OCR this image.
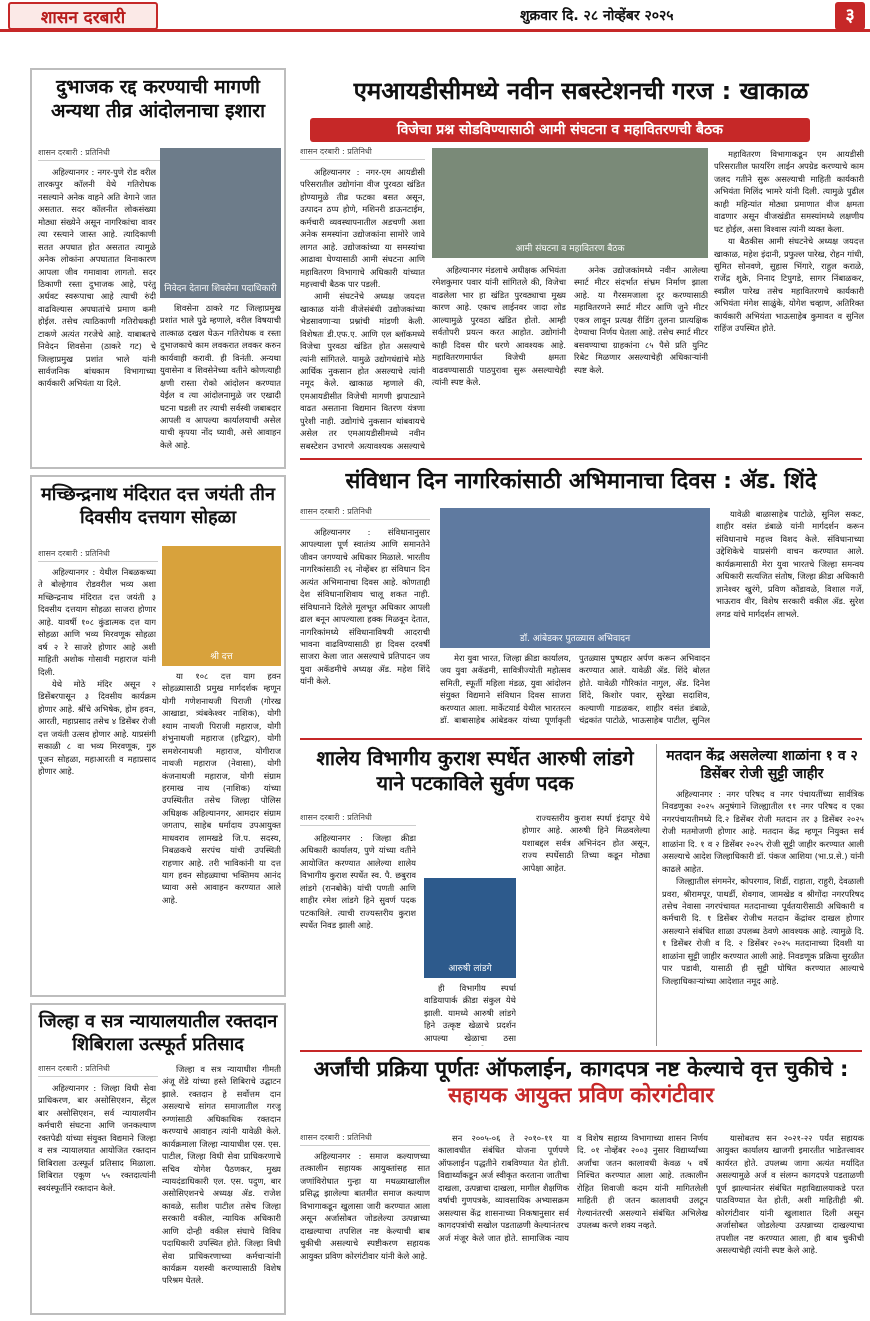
शासन दरबारी	शुक्रवार दि. २८ नोव्हेंबर २०२५	३
दुभाजक रद्द करण्याची मागणी अन्यथा तीव्र आंदोलनाचा इशारा
शासन दरबारी : प्रतिनिधी

अहिल्यानगर : नगर-पुणे रोड वरील तारकपुर कॉलनी येथे गतिरोधक नसल्याने अनेक वाहने अति वेगाने जात असतात. सदर कॉलनीत लोकसंख्या मोठ्या संख्येने असून नागरिकांचा वावर त्या रस्त्याने जास्त आहे. त्यादिकाणी सतत अपघात होत असतात त्यामुळे अनेक लोकांना अपघातात विनाकारण आपला जीव गमावावा लागतो. सदर ठिकाणी रस्ता दुभाजक आहे, परंतु अर्धवट स्वरूपाचा आहे त्याची रुंदी वाढविल्यास अपघातांचे प्रमाण कमी होईल. तसेच त्याठिकाणी गतिरोधकही टाकणे अत्यंत गरजेचे आहे. याबाबतचे निवेदन शिवसेना (ठाकरे गट) चे जिल्हाप्रमुख प्रशांत भाले यांनी सार्वजनिक बांधकाम विभागाच्या कार्यकारी अभियंता या दिले.

निवेदन देताना शिवसेना पदाधिकारी

शिवसेना ठाकरे गट जिल्हाप्रमुख प्रशांत भाले पुढे म्हणाले, वरील विषयाची तात्काळ दखल घेऊन गतिरोधक व रस्ता दुभाजकाचे काम लवकरात लवकर करुन कार्यवाही करावी. ही विनंती. अन्यथा युवासेना व शिवसेनेच्या वतीने कोणत्याही क्षणी रास्ता रोको आंदोलन करण्यात येईल व त्या आंदोलनामुळे जर एखादी घटना घडली तर त्याची सर्वस्वी जबाबदार आपली व आपल्या कार्यालयाची असेल याची कृपया नोंद घ्यावी, असे आवाहन केले आहे.

मच्छिन्द्रनाथ मंदिरात दत्त जयंती तीन दिवसीय दत्तयाग सोहळा
शासन दरबारी : प्रतिनिधी

अहिल्यानगर : येथील निबळकच्या ते बोल्हेगाव रोडवरील भव्य अशा मच्छिन्द्रनाथ मंदिरात दत्त जयंती ३ दिवसीय दत्तयाग सोहळा साजरा होणार आहे. यावर्षी १०८ कुंडात्मक दत्त याग सोहळा आणि भव्य मिरवणूक सोहळा वर्ष २ रे साजरे होणार आहे अशी माहिती अशोक गोसावी महाराज यांनी दिली.

येथे मोठे मंदिर असून २ डिसेंबरपासून ३ दिवसीय कार्यक्रम होणार आहे. श्रींचे अभिषेक, होम हवन, आरती, महाप्रसाद तसेच ४ डिसेंबर रोजी दत्त जयंती उत्सव होणार आहे. याप्रसंगी सकाळी ८ वा भव्य मिरवणूक, गुरु पूजन सोहळा, महाआरती व महाप्रसाद होणार आहे.

श्री दत्त

या १०८ दत्त याग हवन सोहळ्यासाठी प्रमुख मार्गदर्शक म्हणून योगी गणेशनाथजी पिराजी (गोरख आखाडा, त्र्यंबकेश्वर नाशिक), योगी श्याम नाथजी पिराजी महाराज, योगी शंभुनाथजी महाराज (हरिद्वार), योगी समशेरनाथजी महाराज, योगीराज नाथजी महाराज (नेवासा), योगी कंजनाथजी महाराज, योगी संग्राम हरमाख नाथ (नाशिक) यांच्या उपस्थितीत तसेच जिल्हा पोलिस अधिक्षक अहिल्यानगर, आमदार संग्राम जगताप, साहेब धर्मादाय उपआयुक्त माधवराव लामखडे जि.प. सदस्य, निबळकचे सरपंच यांची उपस्थिती राहणार आहे. तरी भाविकांनी या दत्त याग हवन सोहळ्याचा भक्तिमय आनंद घ्यावा असे आवाहन करण्यात आले आहे.

जिल्हा व सत्र न्यायालयातील रक्तदान शिबिराला उत्स्फूर्त प्रतिसाद
शासन दरबारी : प्रतिनिधी

अहिल्यानगर : जिल्हा विधी सेवा प्राधिकरण, बार असोसिएशन, सेंट्रल बार असोसिएशन, सर्व न्यायालयीन कर्मचारी संघटना आणि जनकल्याण रक्तपेढी यांच्या संयुक्त विद्यमाने जिल्हा व सत्र न्यायालयात आयोजित रक्तदान शिबिराला उत्स्फूर्त प्रतिसाद मिळाला. शिबिरात एकूण ५५ रक्तदात्यांनी स्वयंस्फूर्तीने रक्तदान केले.

जिल्हा व सत्र न्यायाधीश गीमती अंजू शेंडे यांच्या हस्ते शिबिराचे उद्घाटन झाले. रक्तदान हे सर्वोत्तम दान असल्याचे सांगत समाजातील गरजू रुग्णांसाठी अधिकाधिक रक्तदान करण्याचे आवाहन त्यांनी यावेळी केले. कार्यक्रमाला जिल्हा न्यायाधीश एस. एस. पाटील, जिल्हा विधी सेवा प्राधिकरणाचे सचिव योगेश पैठणकर, मुख्य न्यायदंडाधिकारी एल. एस. पदुण, बार असोसिएशनचे अध्यक्ष ॲड. राजेश कावळे, सतीश पाटील तसेच जिल्हा सरकारी वकील, न्यायिक अधिकारी आणि दोन्ही वकील संघाचे विविध पदाधिकारी उपस्थित होते. जिल्हा विधी सेवा प्राधिकरणाच्या कर्मचाऱ्यांनी कार्यक्रम यशस्वी करण्यासाठी विशेष परिश्रम घेतले.

एमआयडीसीमध्ये नवीन सबस्टेशनची गरज : खाकाळ
विजेचा प्रश्न सोडविण्यासाठी आमी संघटना व महावितरणची बैठक
शासन दरबारी : प्रतिनिधी

अहिल्यानगर : नगर-एम आयडीसी परिसरातील उद्योगांना वीज पुरवठा खंडित होण्यामुळे तीव्र फटका बसत असून, उत्पादन ठप्प होणे, मशिनरी डाऊनटाईम, कर्मचारी व्यवस्थापनातील अडचणी अशा अनेक समस्यांना उद्योजकांना सामोरे जावे लागत आहे. उद्योजकांच्या या समस्यांचा आढावा घेण्यासाठी आमी संघटना आणि महावितरण विभागाचे अधिकारी यांच्यात महत्त्वाची बैठक पार पडली.

आमी संघटनेचे अध्यक्ष जयदत्त खाकाळ यांनी वीजेसंबंधी उद्योजकांच्या भेडसावणाऱ्या प्रश्नांची मांडणी केली. विशेषतः डी.एफ.ए. आणि एल ब्लॉकमध्ये विजेचा पुरवठा खंडित होत असल्याचे त्यांनी सांगितले. यामुळे उद्योगधंद्यांचे मोठे आर्थिक नुकसान होत असल्याचे त्यांनी नमूद केले. खाकाळ म्हणाले की, एमआयडीसीत विजेची मागणी झपाट्याने वाढत असताना विद्यमान वितरण यंत्रणा पुरेशी नाही. उद्योगांचे नुकसान थांबवायचे असेल तर एमआयडीसीमध्ये नवीन सबस्टेशन उभारणे अत्यावश्यक असल्याचे

आमी संघटना व महावितरण बैठक

अहिल्यानगर मंडलाचे अधीक्षक अभियंता रमेशकुमार पवार यांनी सांगितले की, विजेचा वाढलेला भार हा खंडित पुरवठ्याचा मुख्य कारण आहे. एकाच लाईनवर जादा लोड आल्यामुळे पुरवठा खंडित होतो. आम्ही सर्वतोपरी प्रयत्न करत आहोत. उद्योगांनी काही दिवस धीर धरणे आवश्यक आहे. महावितरणमार्फत विजेची क्षमता वाढवण्यासाठी पाठपुरावा सुरू असल्याचेही त्यांनी स्पष्ट केले.

अनेक उद्योजकांमध्ये नवीन आलेल्या स्मार्ट मीटर संदर्भात संभ्रम निर्माण झाला आहे. या गैरसमजाला दूर करण्यासाठी महावितरणने स्मार्ट मीटर आणि जुने मीटर एकत्र लावून प्रत्यक्ष रीडिंग तुलना प्रात्यक्षिक देण्याचा निर्णय घेतला आहे. तसेच स्मार्ट मीटर बसवण्याचा ग्राहकांना ८५ पैसे प्रति युनिट रिबेट मिळणार असल्याचेही अधिकाऱ्यांनी स्पष्ट केले.

महावितरण विभागाकडून एम आयडीसी परिसरातील फायरिंग लाईन अपग्रेड करण्याचे काम जलद गतीने सुरू असल्याची माहिती कार्यकारी अभियंता मिलिंद भामरे यांनी दिली. त्यामुळे पुढील काही महिन्यांत मोठ्या प्रमाणात वीज क्षमता वाढणार असून वीजखंडीत समस्यांमध्ये लक्षणीय घट होईल, असा विश्वास त्यांनी व्यक्त केला.

या बैठकीस आमी संघटनेचे अध्यक्ष जयदत्त खाकाळ, महेश इंदानी, प्रफुल्ल पारेख, रोहन गांधी, सुमित सोनवणे, सुहास भिंगारे, राहुल कराळे, राजेंद्र शुक्रे, निनाद टिपुगडे, सागर निंबाळकर, स्वप्नील पारेख तसेच महावितरणचे कार्यकारी अभियंता मंगेश साळुंके, योगेश चव्हाण, अतिरिक्त कार्यकारी अभियंता भाऊसाहेब कुमावत व सुनिल राहिंज उपस्थित होते.

संविधान दिन नागरिकांसाठी अभिमानाचा दिवस : ॲड. शिंदे
शासन दरबारी : प्रतिनिधी

अहिल्यानगर : संविधानानुसार आपल्याला पूर्ण स्वातंत्र्य आणि समानतेने जीवन जगण्याचे अधिकार मिळाले. भारतीय नागरिकांसाठी २६ नोव्हेंबर हा संविधान दिन अत्यंत अभिमानाचा दिवस आहे. कोणताही देश संविधानाशिवाय चालू शकत नाही. संविधानाने दिलेले मूलभूत अधिकार आपली ढाल बनून आपल्याला हक्क मिळवून देतात, नागरिकांमध्ये संविधानाविषयी आदराची भावना वाढविण्यासाठी हा दिवस दरवर्षी साजरा केला जात असल्याचे प्रतिपादन जय युवा अकॅडमीचे अध्यक्ष ॲड. महेश शिंदे यांनी केले.

डॉ. आंबेडकर पुतळ्यास अभिवादन

मेरा युवा भारत, जिल्हा क्रीडा कार्यालय, जय युवा अकॅडमी, सावित्रीज्योती महोत्सव समिती, स्फूर्ती महिला मंडळ, युवा आंदोलन संयुक्त विद्यमाने संविधान दिवस साजरा करण्यात आला. मार्केटयार्ड येथील भारतरत्न डॉ. बाबासाहेब आंबेडकर यांच्या पूर्णाकृती पुतळ्यास पुष्पहार अर्पण करून अभिवादन करण्यात आले. यावेळी ॲड. शिंदे बोलत होते. यावेळी गौरिकांत नागुल, ॲड. दिनेश शिंदे, किशोर पवार, सुरेखा सदाशिव, कल्याणी गाडळकर, शाहीर वसंत डंबाळे, चंद्रकांत पाटोळे, भाऊसाहेब पाटील, सुनिल

यावेळी बाळासाहेब पाटोळे, सुनिल सकट, शाहीर वसंत डंबाळे यांनी मार्गदर्शन करून संविधानाचे महत्त्व विशद केले. संविधानाच्या उद्देशिकेचे याप्रसंगी वाचन करण्यात आले. कार्यक्रमासाठी मेरा युवा भारतचे जिल्हा समन्वय अधिकारी सत्यजित संतोष, जिल्हा क्रीडा अधिकारी ज्ञानेश्वर खुरंगे, प्रविण कोंडावळे, विशाल गर्जे, भाऊराव वीर, विशेष सरकारी वकील ॲड. सुरेश लगड यांचे मार्गदर्शन लाभले.

शालेय विभागीय कुराश स्पर्धेत आरुषी लांडगे याने पटकाविले सुर्वण पदक
शासन दरबारी : प्रतिनिधी

अहिल्यानगर : जिल्हा क्रीडा अधिकारी कार्यालय, पुणे यांच्या वतीने आयोजित करण्यात आलेल्या शालेय विभागीय कुराश स्पर्धेत स्व. पै. छबुराव लांडगे (रानबोके) यांची पणती आणि शाहीर रमेश लांडगे हिने सुवर्ण पदक पटकाविले. त्याची राज्यस्तरीय कुराश स्पर्धेत निवड झाली आहे.

आरुषी लांडगे

ही विभागीय स्पर्धा वाडियापार्क क्रीडा संकुल येथे झाली. यामध्ये आरुषी लांडगे हिने उत्कृष्ट खेळाचे प्रदर्शन आपल्या खेळाचा ठसा

राज्यस्तरीय कुराश स्पर्धा इंदापूर येथे होणार आहे. आरुषी हिने मिळवलेल्या यशाबद्दल सर्वत्र अभिनंदन होत असून, राज्य स्पर्धेसाठी तिच्या कडून मोठ्या आपेक्षा आहेत.

मतदान केंद्र असलेल्या शाळांना १ व २ डिसेंबर रोजी सुट्टी जाहीर

अहिल्यानगर : नगर परिषद व नगर पंचायतींच्या सार्वत्रिक निवडणुका २०२५ अनुषंगाने जिल्ह्यातील ११ नगर परिषद व एका नगरपंचायतीमध्ये दि.२ डिसेंबर रोजी मतदान तर ३ डिसेंबर २०२५ रोजी मतमोजणी होणार आहे. मतदान केंद्र म्हणून नियुक्त सर्व शाळांना दि. १ व २ डिसेंबर २०२५ रोजी सुट्टी जाहीर करण्यात आली असल्याचे आदेश जिल्हाधिकारी डॉ. पंकज आशिया (भा.प्र.से.) यांनी काढले आहेत.

जिल्ह्यातील संगमनेर, कोपरगाव, शिर्डी, राहाता, राहुरी, देवळाली प्रवरा, श्रीरामपूर, पाथर्डी, शेवगाव, जामखेड व श्रीगोंदा नगरपरिषद तसेच नेवासा नगरपंचायत मतदानाच्या पूर्वतयारीसाठी अधिकारी व कर्मचारी दि. १ डिसेंबर रोजीच मतदान केंद्रांवर दाखल होणार असल्याने संबंधित शाळा उपलब्ध ठेवणे आवश्यक आहे. त्यामुळे दि. १ डिसेंबर रोजी व दि. २ डिसेंबर २०२५ मतदानाच्या दिवशी या शाळांना सुट्टी जाहीर करण्यात आली आहे. निवडणूक प्रक्रिया सुरळीत पार पडावी, यासाठी ही सुट्टी घोषित करण्यात आल्याचे जिल्हाधिकाऱ्यांच्या आदेशात नमूद आहे.

अर्जांची प्रक्रिया पूर्णतः ऑफलाईन, कागदपत्र नष्ट केल्याचे वृत्त चुकीचे : सहायक आयुक्त प्रविण कोरगंटीवार
शासन दरबारी : प्रतिनिधी

अहिल्यानगर : समाज कल्याणच्या तत्कालीन सहायक आयुक्तांसह सात जणांविरोधात गुन्हा या मथळ्याखालील प्रसिद्ध झालेल्या बातमीत समाज कल्याण विभागाकडून खुलासा जारी करण्यात आला असून अर्जासोबत जोडलेल्या उत्पन्नाच्या दाखल्याचा तपशिल नष्ट केल्याची बाब चुकीची असल्याचे स्पष्टीकरण सहायक आयुक्त प्रविण कोरगंटीवार यांनी केले आहे.

सन २००५-०६ ते २०१०-११ या कालावधीत संबंधित योजना पूर्णपणे ऑफलाईन पद्धतीने राबविण्यात येत होती. विद्यार्थ्यांकडून अर्ज स्वीकृत करताना जातीचा दाखला, उत्पन्नाचा दाखला, मागील शैक्षणिक वर्षाची गुणपत्रके, व्यावसायिक अभ्यासक्रम असल्यास केंद्र शासनाच्या निकषानुसार सर्व कागदपत्रांची सखोल पडताळणी केल्यानंतरच अर्ज मंजूर केले जात होते. सामाजिक न्याय व विशेष सहाय्य विभागाच्या शासन निर्णय दि. ०१ नोव्हेंबर २००३ नुसार विद्यार्थ्यांच्या अर्जांचा जतन कालावधी केवळ ५ वर्षे निश्चित करण्यात आला आहे. तत्कालीन रोहित शिवाजी कदम यांनी मागितलेली माहिती ही जतन कालावधी उलटून गेल्यानंतरची असल्याने संबंधित अभिलेख उपलब्ध करणे शक्य नव्हते.

यासोबतच सन २०२१-२२ पर्यंत सहायक आयुक्त कार्यालय खाजगी इमारतीत भाडेतत्त्वावर कार्यरत होते. उपलब्ध जागा अत्यंत मर्यादित असल्यामुळे अर्ज व संलग्न कागदपत्रे पडताळणी पूर्ण झाल्यानंतर संबंधित महाविद्यालयाकडे परत पाठविण्यात येत होती, अशी माहितीही श्री. कोरगंटीवार यांनी खुलाशात दिली असून अर्जासोबत जोडलेल्या उत्पन्नाच्या दाखल्याचा तपशील नष्ट करण्यात आला, ही बाब चुकीची असल्याचेही त्यांनी स्पष्ट केले आहे.
